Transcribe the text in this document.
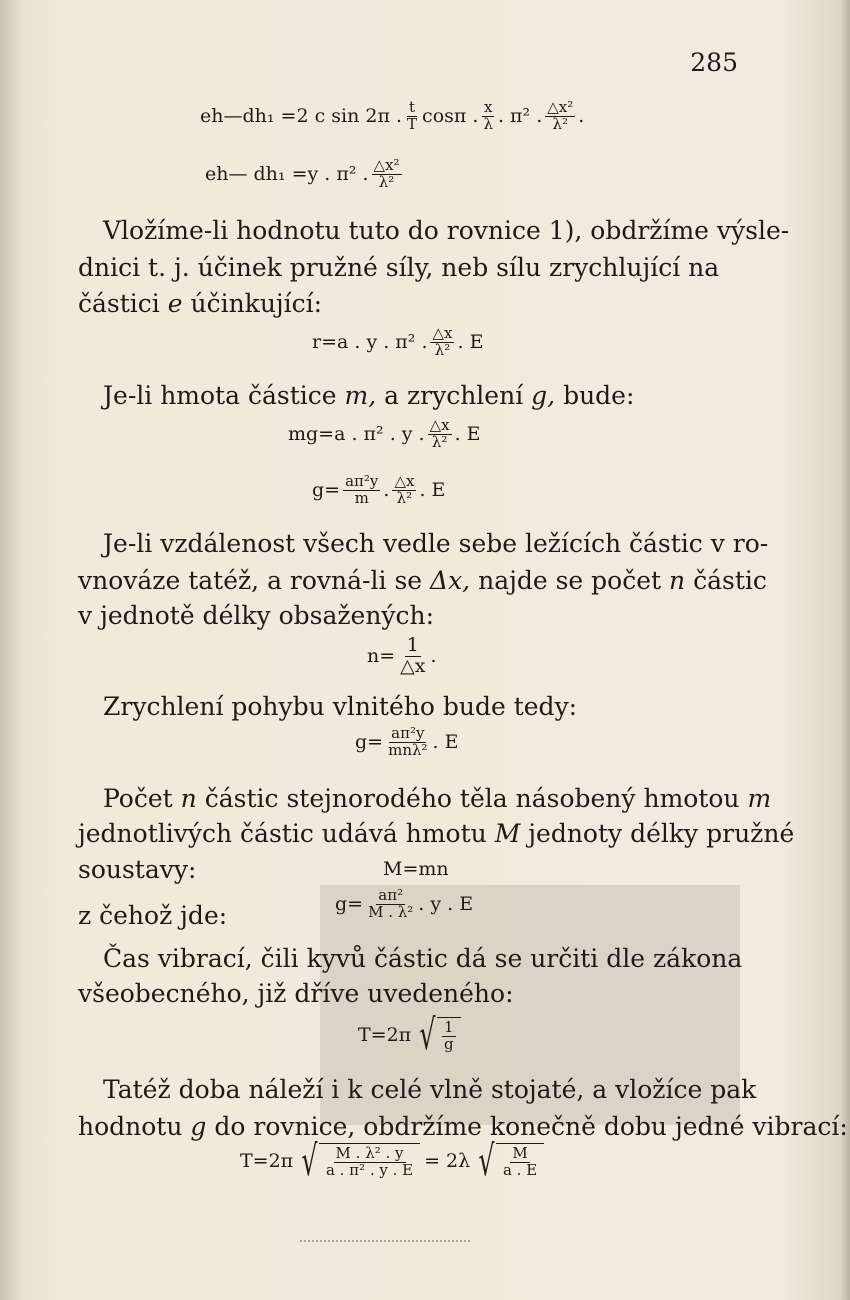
285
eh—dh₁ =2 c sin 2π . $\frac{t}{T}$ cosπ . $\frac{x}{\lambda}$ . π² . $\frac{\text{△x²}}{\text{λ²}}$ .
eh— dh₁ =y . π² . $\frac{\text{△x²}}{\text{λ²}}$
Vložíme-li hodnotu tuto do rovnice 1), obdržíme výsle-
dnici t. j. účinek pružné síly, neb sílu zrychlující na
částici e účinkující:
r=a . y . π² . $\frac{\triangle x}{\text{λ²}}$ . E
Je-li hmota částice m, a zrychlení g, bude:
mg=a . π² . y . $\frac{\triangle x}{\text{λ²}}$ . E
$g= \frac{\text{aπ²y}}{m}$ . $\frac{\triangle x}{\text{λ²}}$ . E
Je-li vzdálenost všech vedle sebe ležících částic v ro-
vnováze tatéž, a rovná-li se Δx, najde se počet n částic
v jednotě délky obsažených:
$n= \frac{1}{\triangle x}$ .
Zrychlení pohybu vlnitého bude tedy:
$g= \frac{\text{aπ²y}}{\text{mnλ²}}$ . E
Počet n částic stejnorodého těla násobený hmotou m
jednotlivých částic udává hmotu M jednoty délky pružné
soustavy:	M=mn
z čehož jde:	$g= \frac{\text{aπ²}}{\text{M . λ²}}$ . y . E
Čas vibrací, čili kyvů částic dá se určiti dle zákona
všeobecného, již dříve uvedeného:
T=2π √ $\frac{1}{g}$
Tatéž doba náleží i k celé vlně stojaté, a vložíce pak
hodnotu g do rovnice, obdržíme konečně dobu jedné vibrací:
T=2π √ $\frac{\text{M . λ² . y}}{\text{a . π² . y . E}} = 2\lambda$ √ $\frac{M}{a . E}$
